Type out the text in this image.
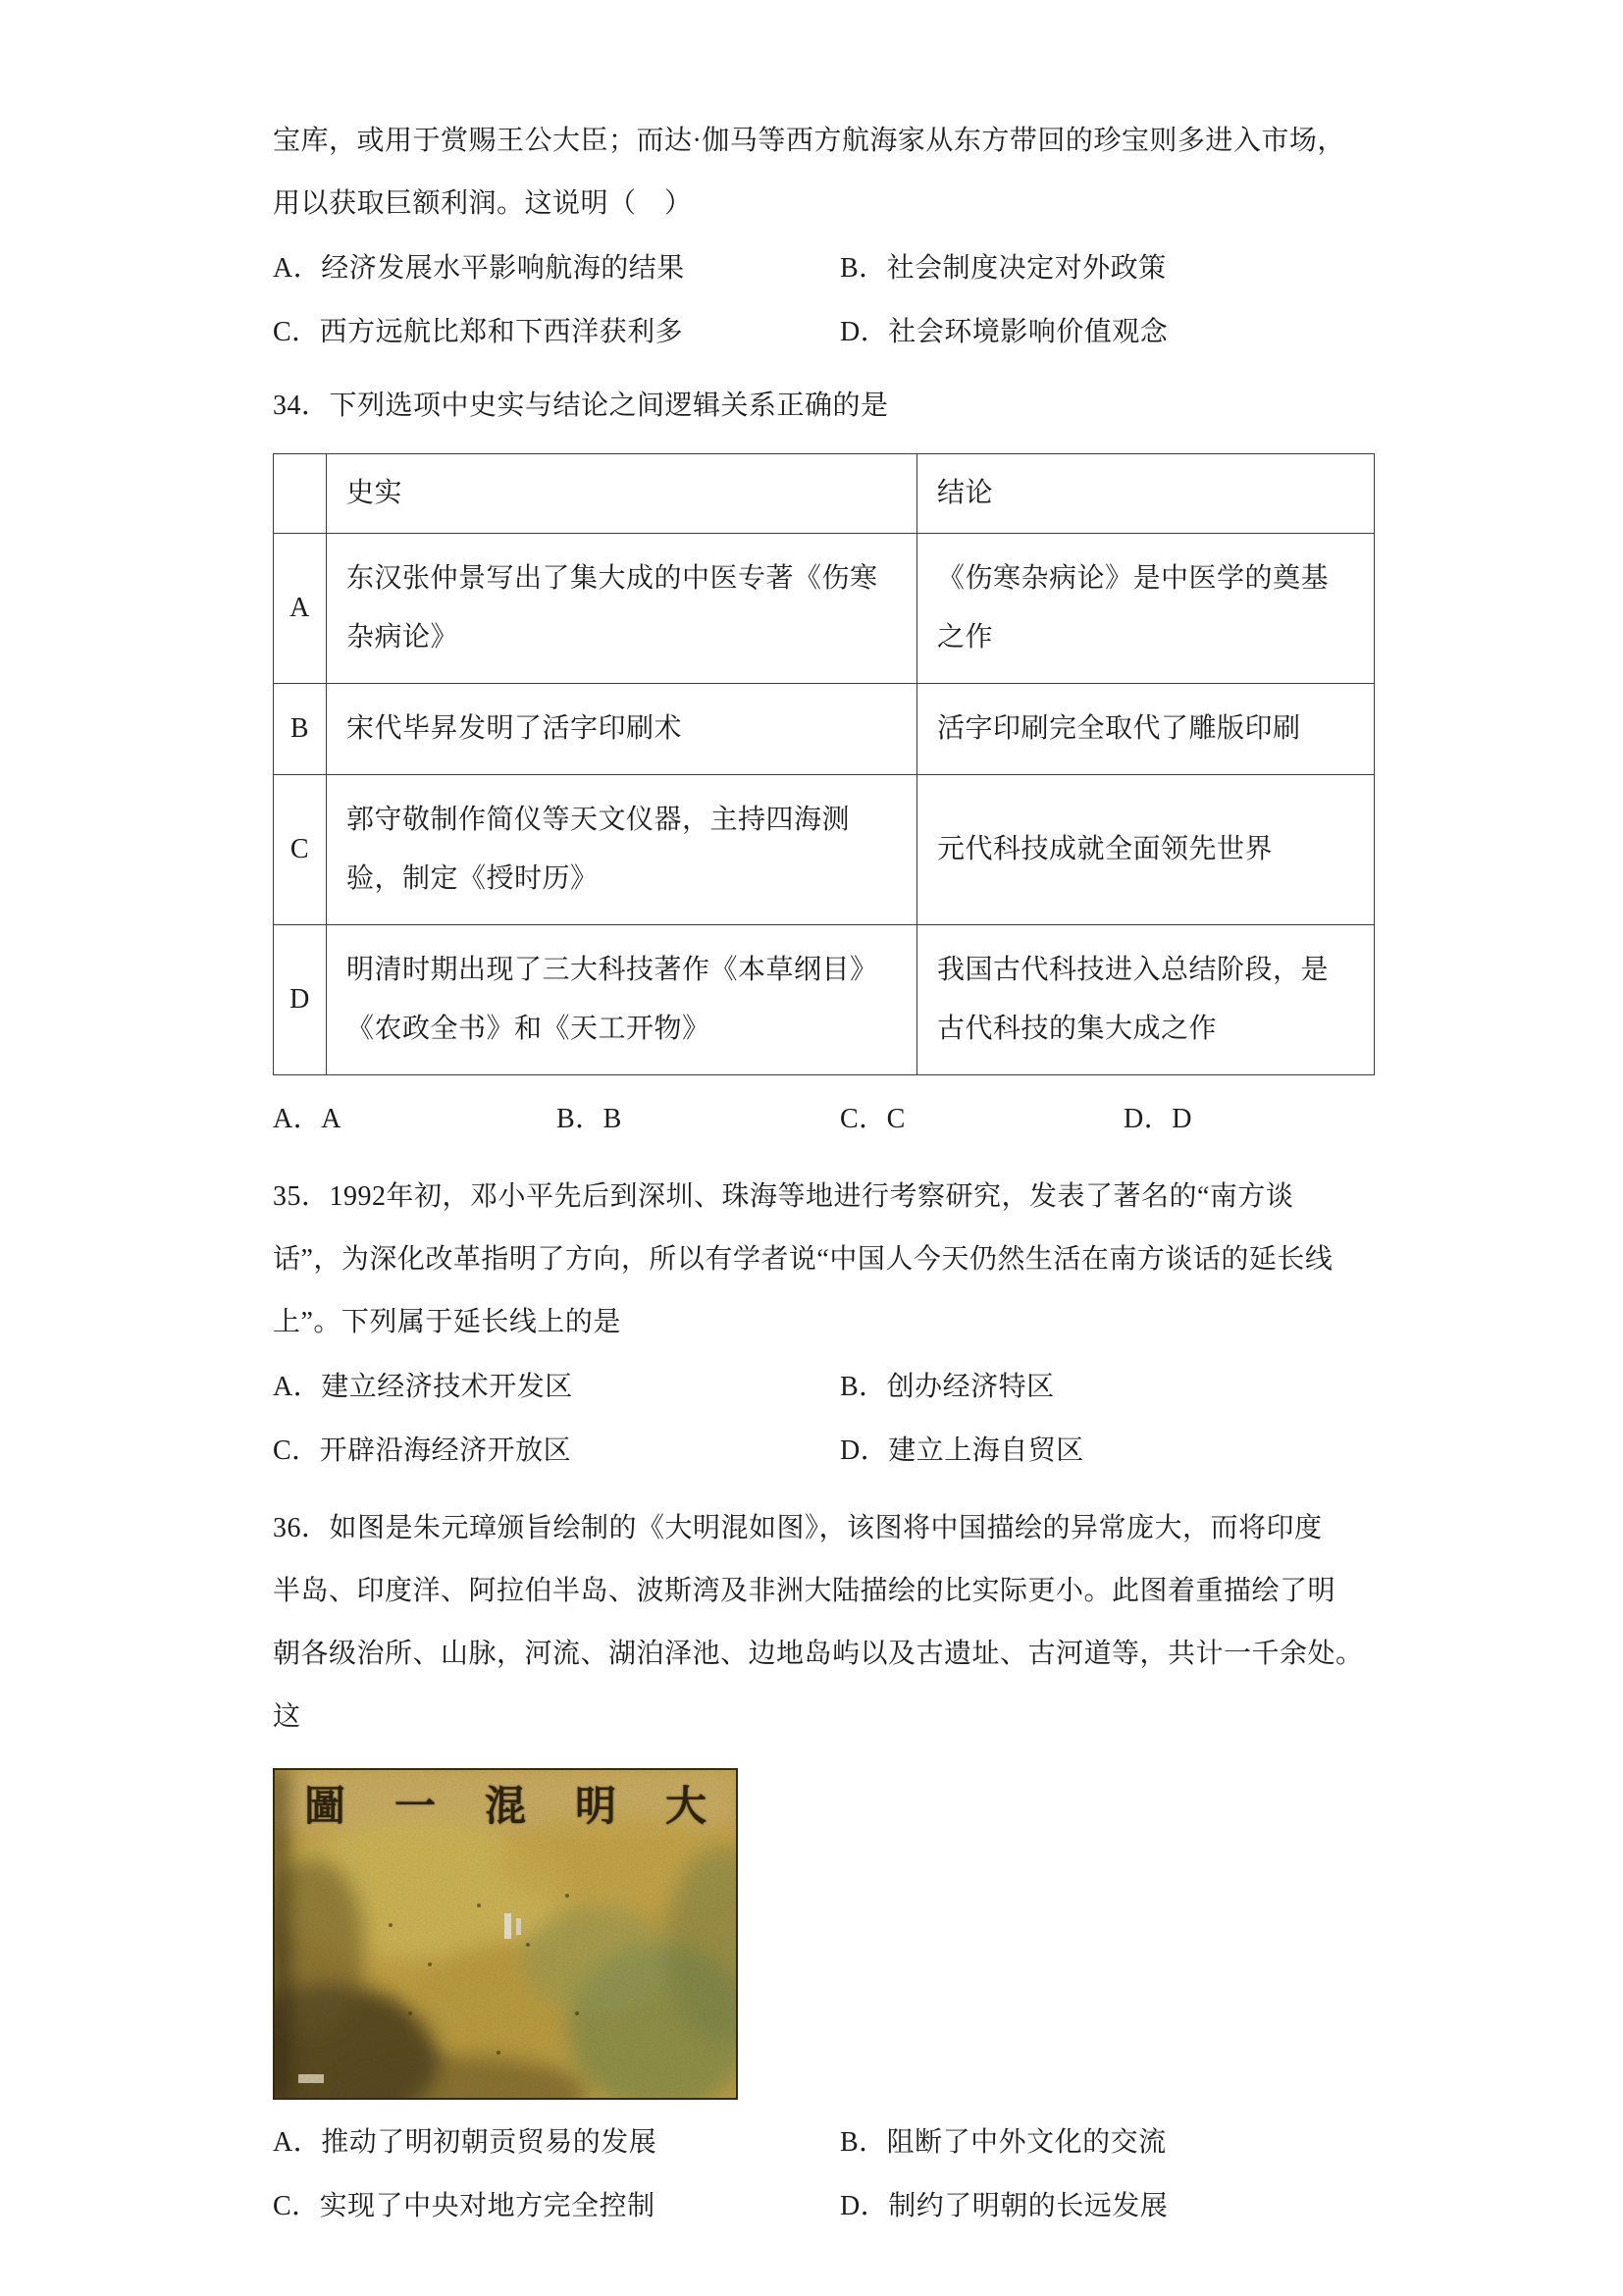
宝库，或用于赏赐王公大臣；而达·伽马等西方航海家从东方带回的珍宝则多进入市场，
用以获取巨额利润。这说明（　）
A．经济发展水平影响航海的结果	B．社会制度决定对外政策
C．西方远航比郑和下西洋获利多	D．社会环境影响价值观念
34．下列选项中史实与结论之间逻辑关系正确的是
	史实	结论
A	东汉张仲景写出了集大成的中医专著《伤寒杂病论》	《伤寒杂病论》是中医学的奠基之作
B	宋代毕昇发明了活字印刷术	活字印刷完全取代了雕版印刷
C	郭守敬制作简仪等天文仪器，主持四海测验，制定《授时历》	元代科技成就全面领先世界
D	明清时期出现了三大科技著作《本草纲目》《农政全书》和《天工开物》	我国古代科技进入总结阶段，是古代科技的集大成之作
A．A	B．B	C．C	D．D
35．1992年初，邓小平先后到深圳、珠海等地进行考察研究，发表了著名的“南方谈
话”，为深化改革指明了方向，所以有学者说“中国人今天仍然生活在南方谈话的延长线
上”。下列属于延长线上的是
A．建立经济技术开发区	B．创办经济特区
C．开辟沿海经济开放区	D．建立上海自贸区
36．如图是朱元璋颁旨绘制的《大明混如图》，该图将中国描绘的异常庞大，而将印度
半岛、印度洋、阿拉伯半岛、波斯湾及非洲大陆描绘的比实际更小。此图着重描绘了明
朝各级治所、山脉，河流、湖泊泽池、边地岛屿以及古遗址、古河道等，共计一千余处。
这
圖 一 混 明 大
A．推动了明初朝贡贸易的发展	B．阻断了中外文化的交流
C．实现了中央对地方完全控制	D．制约了明朝的长远发展
